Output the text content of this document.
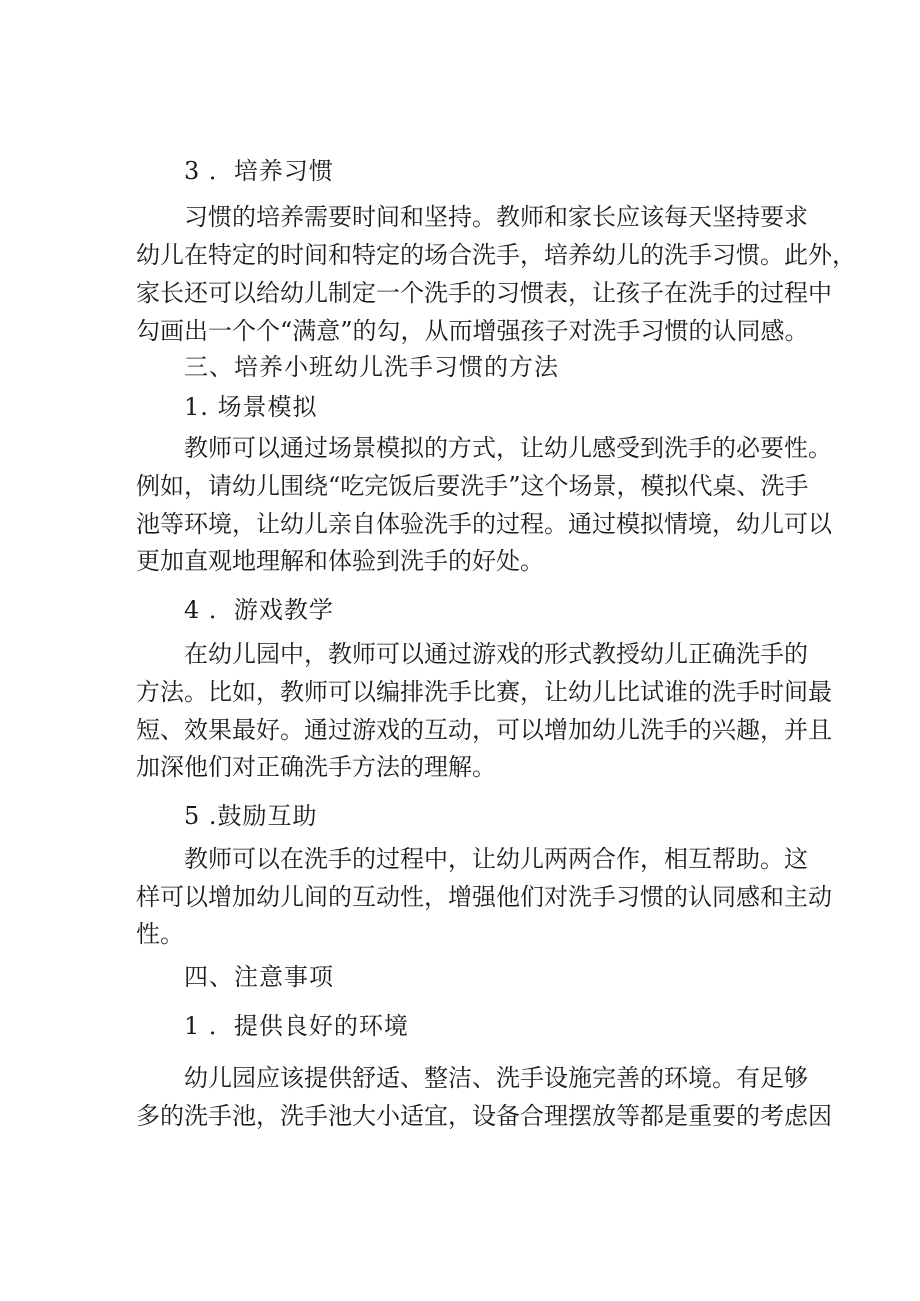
3 ．培养习惯

习惯的培养需要时间和坚持。教师和家长应该每天坚持要求

幼儿在特定的时间和特定的场合洗手，培养幼儿的洗手习惯。此外，

家长还可以给幼儿制定一个洗手的习惯表，让孩子在洗手的过程中

勾画出一个个“满意”的勾，从而增强孩子对洗手习惯的认同感。

三、培养小班幼儿洗手习惯的方法

1. 场景模拟

教师可以通过场景模拟的方式，让幼儿感受到洗手的必要性。

例如，请幼儿围绕“吃完饭后要洗手”这个场景，模拟代桌、洗手

池等环境，让幼儿亲自体验洗手的过程。通过模拟情境，幼儿可以

更加直观地理解和体验到洗手的好处。

4 ．游戏教学

在幼儿园中，教师可以通过游戏的形式教授幼儿正确洗手的

方法。比如，教师可以编排洗手比赛，让幼儿比试谁的洗手时间最

短、效果最好。通过游戏的互动，可以增加幼儿洗手的兴趣，并且

加深他们对正确洗手方法的理解。

5 .鼓励互助

教师可以在洗手的过程中，让幼儿两两合作，相互帮助。这

样可以增加幼儿间的互动性，增强他们对洗手习惯的认同感和主动

性。

四、注意事项

1 ．提供良好的环境

幼儿园应该提供舒适、整洁、洗手设施完善的环境。有足够

多的洗手池，洗手池大小适宜，设备合理摆放等都是重要的考虑因
